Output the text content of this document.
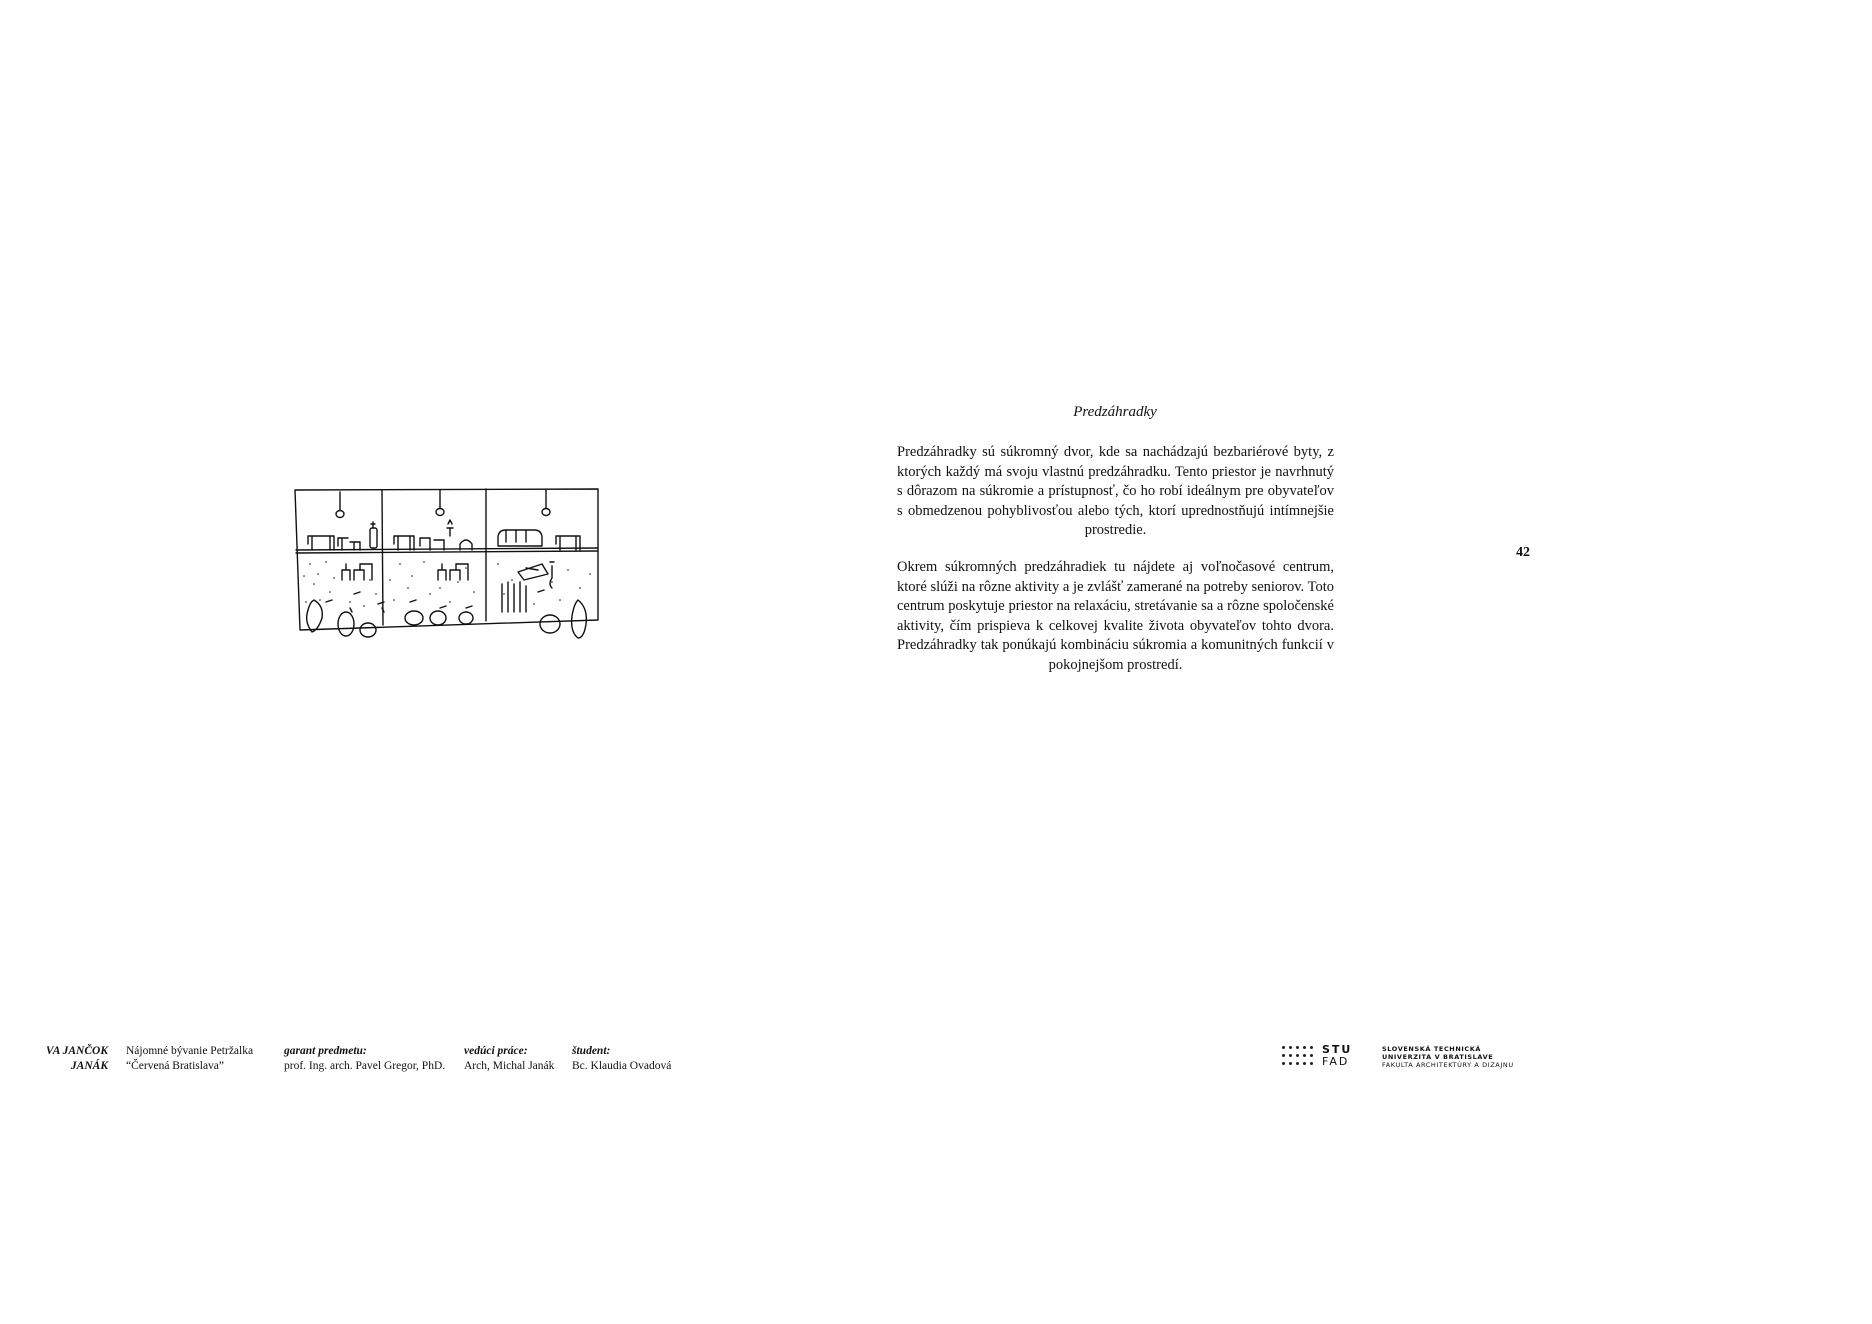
Predzáhradky

Predzáhradky sú súkromný dvor, kde sa nachádzajú bezbariérové byty, z ktorých každý má svoju vlastnú predzáhradku. Tento priestor je navrhnutý s dôrazom na súkromie a prístupnosť, čo ho robí ideálnym pre obyvateľov s obmedzenou pohyblivosťou alebo tých, ktorí uprednostňujú intímnejšie prostredie.

Okrem súkromných predzáhradiek tu nájdete aj voľnočasové centrum, ktoré slúži na rôzne aktivity a je zvlášť zamerané na potreby seniorov. Toto centrum poskytuje priestor na relaxáciu, stretávanie sa a rôzne spoločenské aktivity, čím prispieva k celkovej kvalite života obyvateľov tohto dvora. Predzáhradky tak ponúkajú kombináciu súkromia a komunitných funkcií v pokojnejšom prostredí.

42
VA JANČOK
JANÁK
Nájomné bývanie Petržalka
“Červená Bratislava”
garant predmetu:
prof. Ing. arch. Pavel Gregor, PhD.
vedúci práce:
Arch, Michal Janák
študent:
Bc. Klaudia Ovadová
STU
FAD
SLOVENSKÁ TECHNICKÁ
UNIVERZITA V BRATISLAVE
FAKULTA ARCHITEKTÚRY A DIZAJNU
